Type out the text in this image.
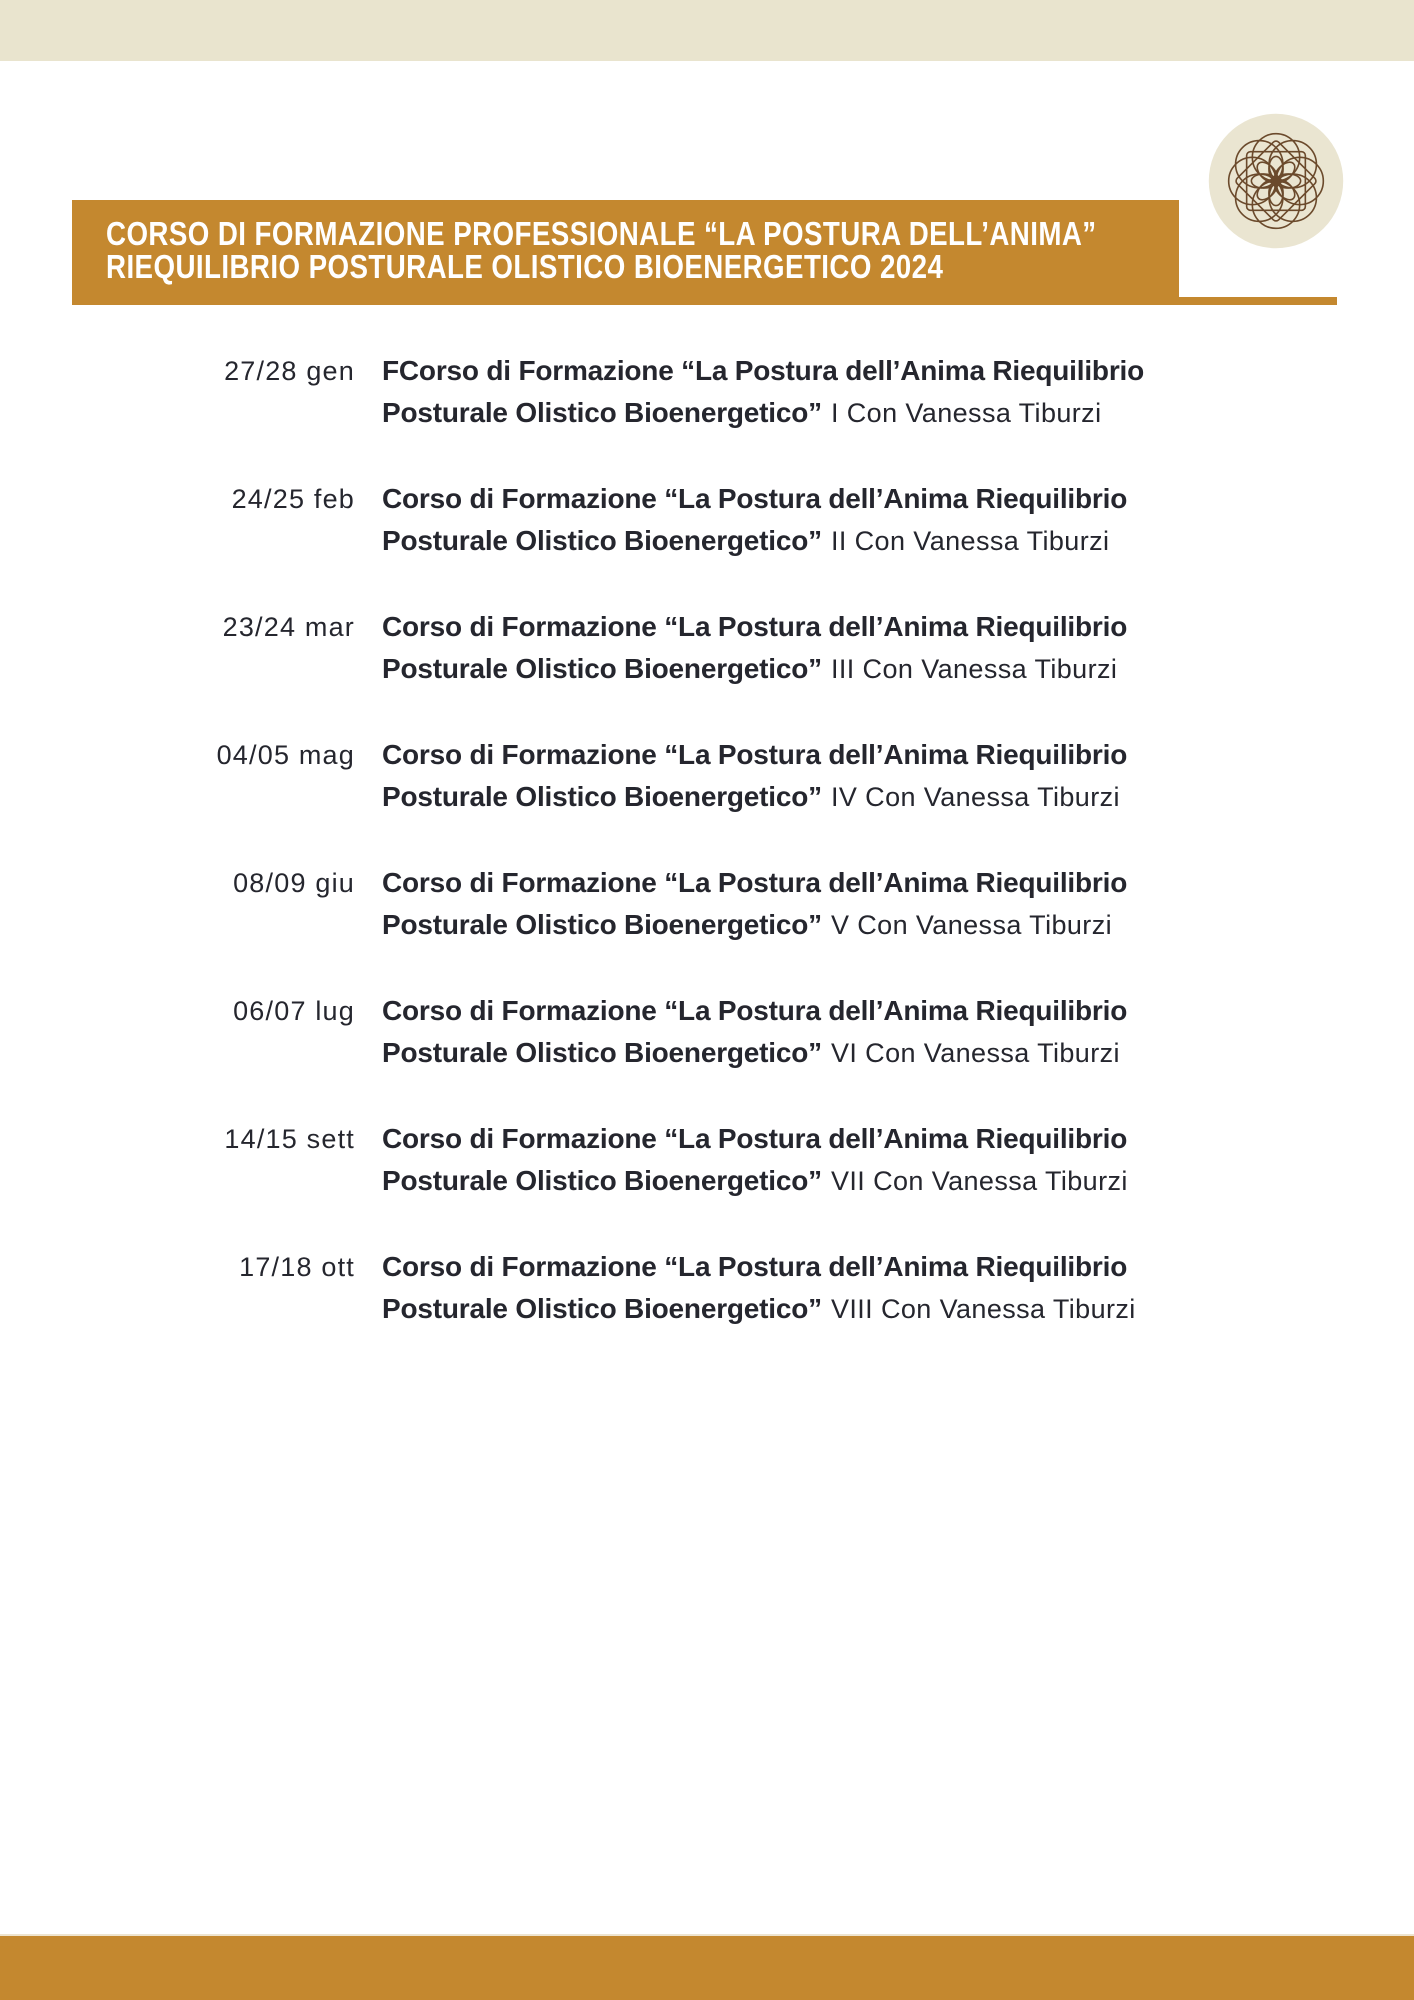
CORSO DI FORMAZIONE PROFESSIONALE “LA POSTURA DELL’ANIMA”
RIEQUILIBRIO POSTURALE OLISTICO BIOENERGETICO 2024
27/28 gen FCorso di Formazione “La Postura dell’Anima Riequilibrio
Posturale Olistico Bioenergetico” I Con Vanessa Tiburzi
24/25 feb Corso di Formazione “La Postura dell’Anima Riequilibrio
Posturale Olistico Bioenergetico” II Con Vanessa Tiburzi
23/24 mar Corso di Formazione “La Postura dell’Anima Riequilibrio
Posturale Olistico Bioenergetico” III Con Vanessa Tiburzi
04/05 mag Corso di Formazione “La Postura dell’Anima Riequilibrio
Posturale Olistico Bioenergetico” IV Con Vanessa Tiburzi
08/09 giu Corso di Formazione “La Postura dell’Anima Riequilibrio
Posturale Olistico Bioenergetico” V Con Vanessa Tiburzi
06/07 lug Corso di Formazione “La Postura dell’Anima Riequilibrio
Posturale Olistico Bioenergetico” VI Con Vanessa Tiburzi
14/15 sett Corso di Formazione “La Postura dell’Anima Riequilibrio
Posturale Olistico Bioenergetico” VII Con Vanessa Tiburzi
17/18 ott Corso di Formazione “La Postura dell’Anima Riequilibrio
Posturale Olistico Bioenergetico” VIII Con Vanessa Tiburzi
